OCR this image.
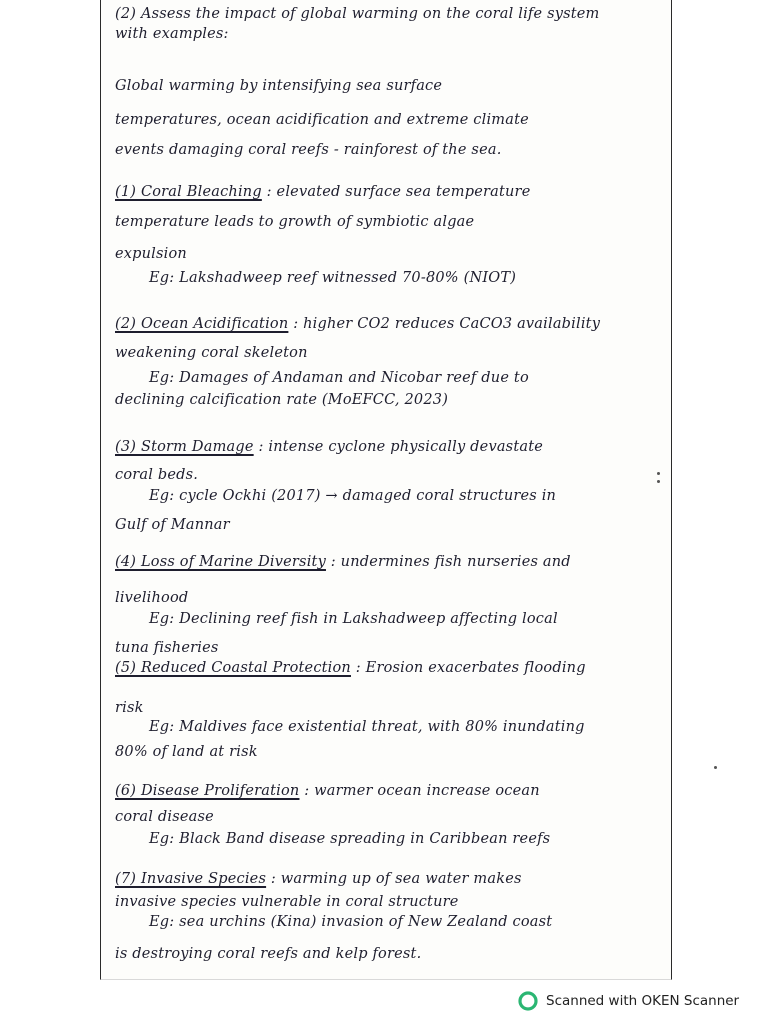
(2) Assess the impact of global warming on the coral life system with examples:
Global warming by intensifying sea surface
temperatures, ocean acidification and extreme climate
events damaging coral reefs - rainforest of the sea.
(1) Coral Bleaching : elevated surface sea temperature
temperature leads to growth of symbiotic algae
expulsion
Eg: Lakshadweep reef witnessed 70-80% (NIOT)
(2) Ocean Acidification : higher CO2 reduces CaCO3 availability
weakening coral skeleton
Eg: Damages of Andaman and Nicobar reef due to
declining calcification rate (MoEFCC, 2023)
(3) Storm Damage : intense cyclone physically devastate
coral beds.
Eg: cycle Ockhi (2017) → damaged coral structures in
Gulf of Mannar
(4) Loss of Marine Diversity : undermines fish nurseries and
livelihood
Eg: Declining reef fish in Lakshadweep affecting local
tuna fisheries
(5) Reduced Coastal Protection : Erosion exacerbates flooding
risk
Eg: Maldives face existential threat, with 80% inundating
80% of land at risk
(6) Disease Proliferation : warmer ocean increase ocean
coral disease
Eg: Black Band disease spreading in Caribbean reefs
(7) Invasive Species : warming up of sea water makes
invasive species vulnerable in coral structure
Eg: sea urchins (Kina) invasion of New Zealand coast
is destroying coral reefs and kelp forest.
Scanned with OKEN Scanner
